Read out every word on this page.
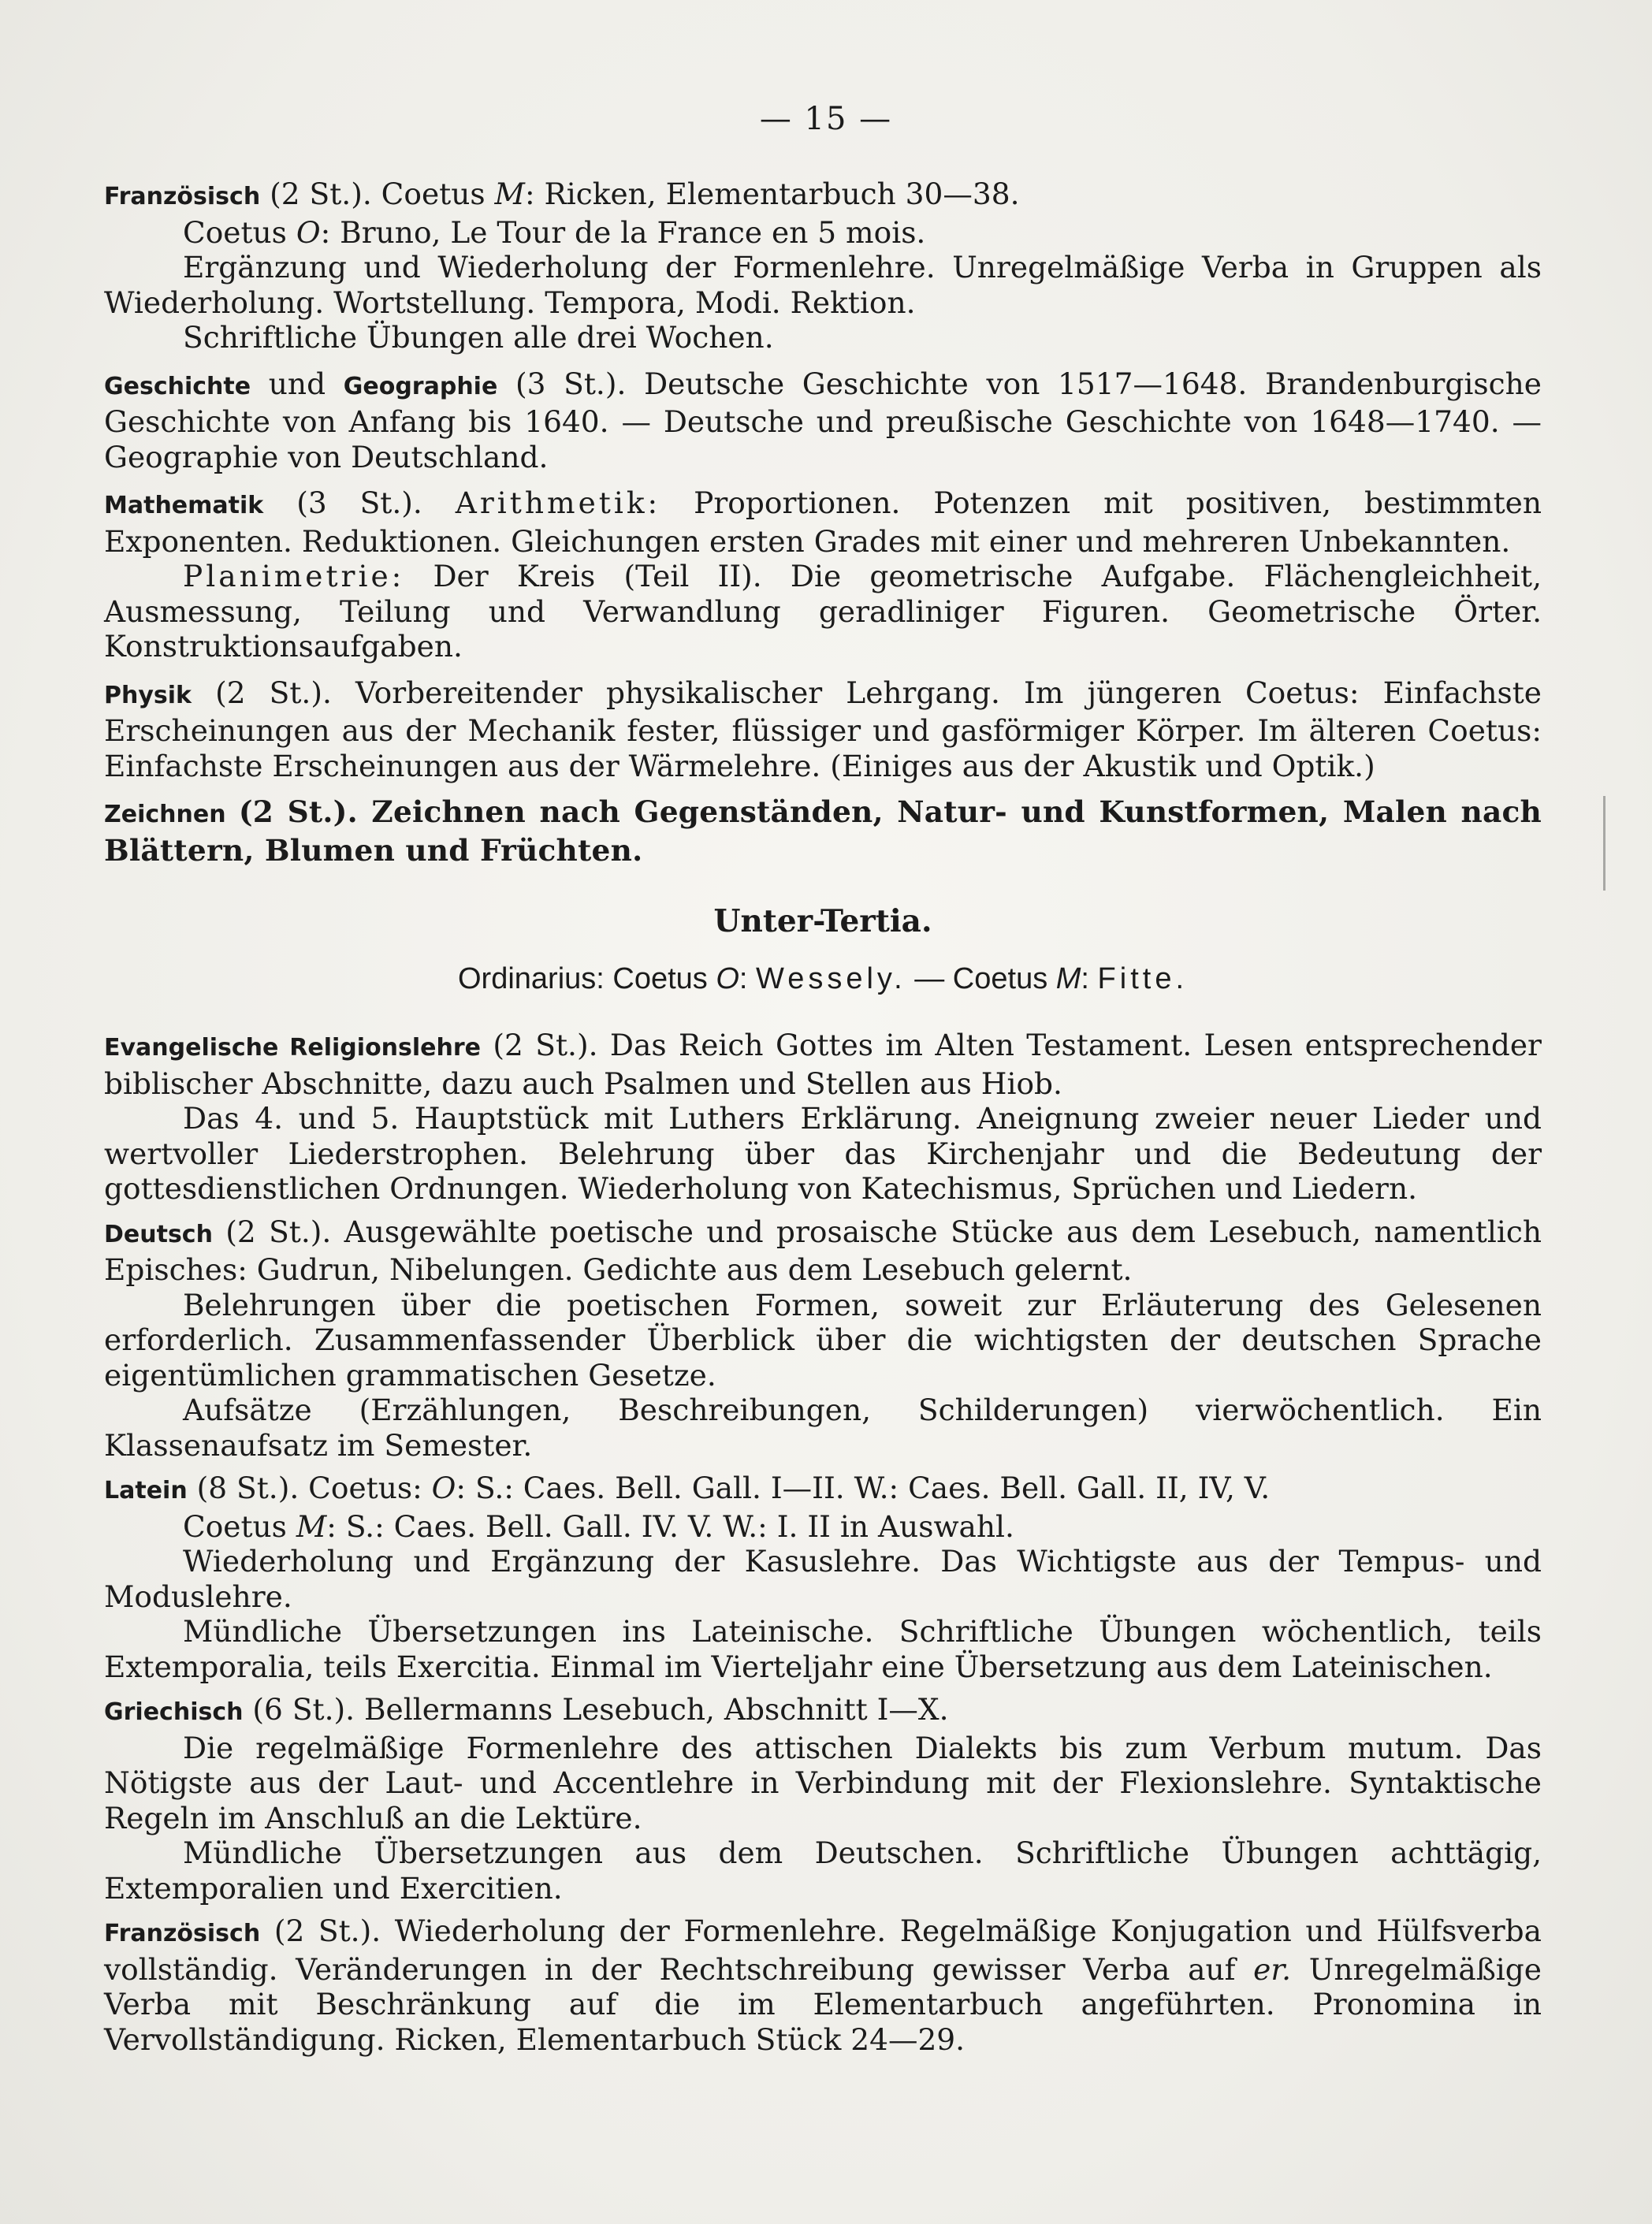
— 15 —

Französisch (2 St.). Coetus M: Ricken, Elementarbuch 30—38.

Coetus O: Bruno, Le Tour de la France en 5 mois.

Ergänzung und Wiederholung der Formenlehre. Unregelmäßige Verba in Gruppen als Wiederholung. Wortstellung. Tempora, Modi. Rektion.

Schriftliche Übungen alle drei Wochen.

Geschichte und Geographie (3 St.). Deutsche Geschichte von 1517—1648. Brandenburgische Geschichte von Anfang bis 1640. — Deutsche und preußische Geschichte von 1648—1740. — Geographie von Deutschland.

Mathematik (3 St.). Arithmetik: Proportionen. Potenzen mit positiven, bestimmten Exponenten. Reduktionen. Gleichungen ersten Grades mit einer und mehreren Unbekannten.

Planimetrie: Der Kreis (Teil II). Die geometrische Aufgabe. Flächengleichheit, Ausmessung, Teilung und Verwandlung geradliniger Figuren. Geometrische Örter. Konstruktionsaufgaben.

Physik (2 St.). Vorbereitender physikalischer Lehrgang. Im jüngeren Coetus: Einfachste Erscheinungen aus der Mechanik fester, flüssiger und gasförmiger Körper. Im älteren Coetus: Einfachste Erscheinungen aus der Wärmelehre. (Einiges aus der Akustik und Optik.)

Zeichnen (2 St.). Zeichnen nach Gegenständen, Natur- und Kunstformen, Malen nach Blättern, Blumen und Früchten.

Unter-Tertia.

Ordinarius: Coetus O: Wessely. — Coetus M: Fitte.

Evangelische Religionslehre (2 St.). Das Reich Gottes im Alten Testament. Lesen entsprechender biblischer Abschnitte, dazu auch Psalmen und Stellen aus Hiob.

Das 4. und 5. Hauptstück mit Luthers Erklärung. Aneignung zweier neuer Lieder und wertvoller Liederstrophen. Belehrung über das Kirchenjahr und die Bedeutung der gottesdienstlichen Ordnungen. Wiederholung von Katechismus, Sprüchen und Liedern.

Deutsch (2 St.). Ausgewählte poetische und prosaische Stücke aus dem Lesebuch, namentlich Episches: Gudrun, Nibelungen. Gedichte aus dem Lesebuch gelernt.

Belehrungen über die poetischen Formen, soweit zur Erläuterung des Gelesenen erforderlich. Zusammenfassender Überblick über die wichtigsten der deutschen Sprache eigentümlichen grammatischen Gesetze.

Aufsätze (Erzählungen, Beschreibungen, Schilderungen) vierwöchentlich. Ein Klassenaufsatz im Semester.

Latein (8 St.). Coetus: O: S.: Caes. Bell. Gall. I—II. W.: Caes. Bell. Gall. II, IV, V.

Coetus M: S.: Caes. Bell. Gall. IV. V. W.: I. II in Auswahl.

Wiederholung und Ergänzung der Kasuslehre. Das Wichtigste aus der Tempus- und Moduslehre.

Mündliche Übersetzungen ins Lateinische. Schriftliche Übungen wöchentlich, teils Extemporalia, teils Exercitia. Einmal im Vierteljahr eine Übersetzung aus dem Lateinischen.

Griechisch (6 St.). Bellermanns Lesebuch, Abschnitt I—X.

Die regelmäßige Formenlehre des attischen Dialekts bis zum Verbum mutum. Das Nötigste aus der Laut- und Accentlehre in Verbindung mit der Flexionslehre. Syntaktische Regeln im Anschluß an die Lektüre.

Mündliche Übersetzungen aus dem Deutschen. Schriftliche Übungen achttägig, Extemporalien und Exercitien.

Französisch (2 St.). Wiederholung der Formenlehre. Regelmäßige Konjugation und Hülfsverba vollständig. Veränderungen in der Rechtschreibung gewisser Verba auf er. Unregelmäßige Verba mit Beschränkung auf die im Elementarbuch angeführten. Pronomina in Vervollständigung. Ricken, Elementarbuch Stück 24—29.
